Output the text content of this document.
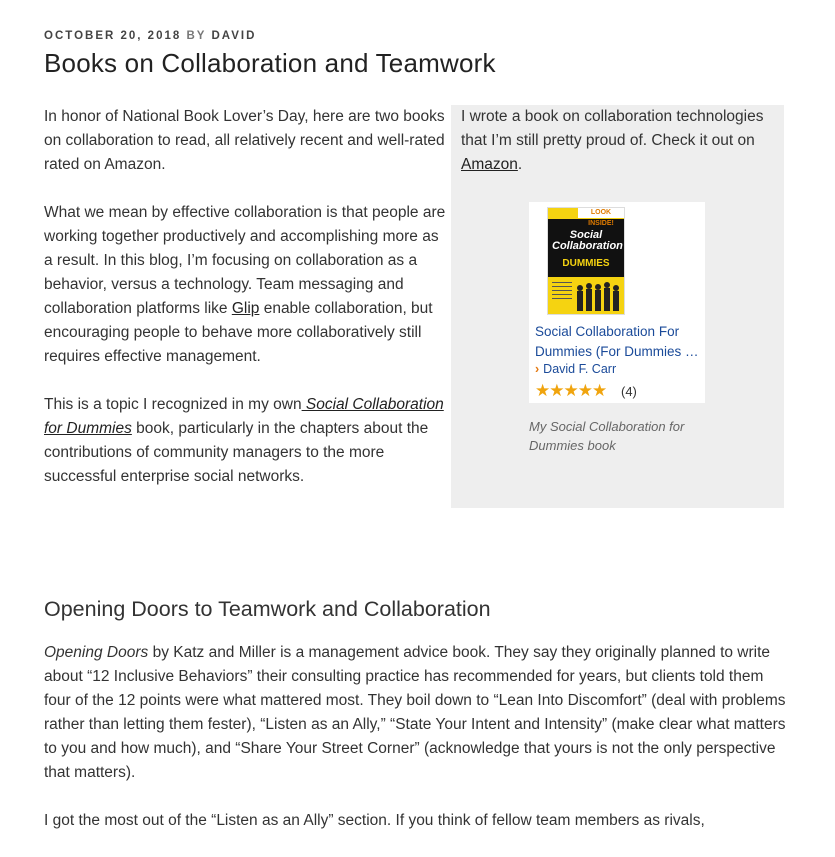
OCTOBER 20, 2018 BY DAVID
Books on Collaboration and Teamwork

In honor of National Book Lover’s Day, here are two books on collaboration to read, all relatively recent and well-rated rated on Amazon.

What we mean by effective collaboration is that people are working together productively and accomplishing more as a result. In this blog, I’m focusing on collaboration as a behavior, versus a technology. Team messaging and collaboration platforms like Glip enable collaboration, but encouraging people to behave more collaboratively still requires effective management.

This is a topic I recognized in my own Social Collaboration for Dummies book, particularly in the chapters about the contributions of community managers to the more successful enterprise social networks.

I wrote a book on collaboration technologies that I’m still pretty proud of. Check it out on Amazon.

LOOK INSIDE!
Social Collaboration
DUMMIES
Social Collaboration For
Dummies (For Dummies …
› David F. Carr
★★★★★ (4)
My Social Collaboration for Dummies book
Opening Doors to Teamwork and Collaboration

Opening Doors by Katz and Miller is a management advice book. They say they originally planned to write about “12 Inclusive Behaviors” their consulting practice has recommended for years, but clients told them four of the 12 points were what mattered most. They boil down to “Lean Into Discomfort” (deal with problems rather than letting them fester), “Listen as an Ally,” “State Your Intent and Intensity” (make clear what matters to you and how much), and “Share Your Street Corner” (acknowledge that yours is not the only perspective that matters).

I got the most out of the “Listen as an Ally” section. If you think of fellow team members as rivals,
